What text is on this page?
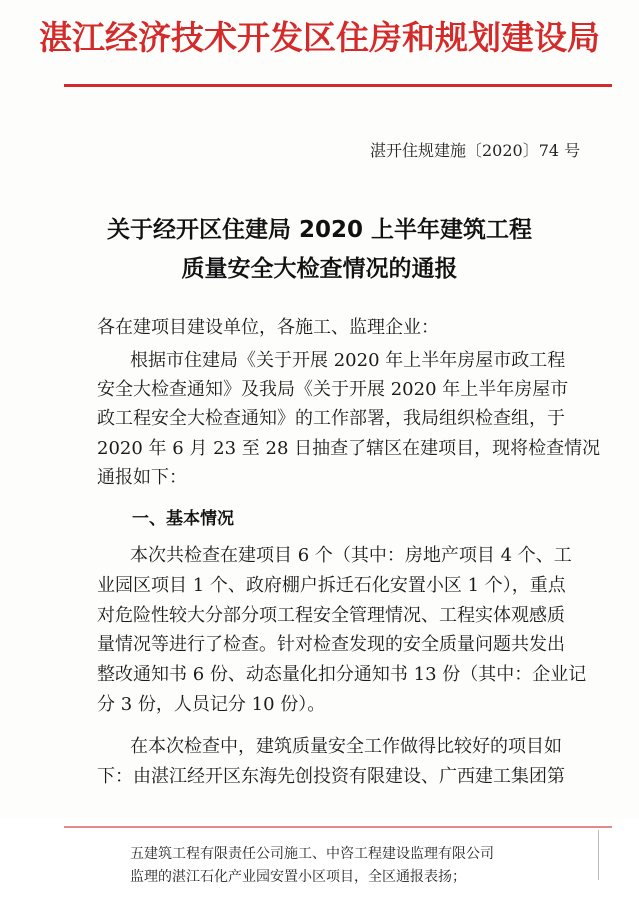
湛江经济技术开发区住房和规划建设局
湛开住规建施〔2020〕74 号
关于经开区住建局 2020 上半年建筑工程
质量安全大检查情况的通报
各在建项目建设单位，各施工、监理企业：
根据市住建局《关于开展 2020 年上半年房屋市政工程
安全大检查通知》及我局《关于开展 2020 年上半年房屋市
政工程安全大检查通知》的工作部署，我局组织检查组，于
2020 年 6 月 23 至 28 日抽查了辖区在建项目，现将检查情况
通报如下：
一、基本情况
本次共检查在建项目 6 个（其中：房地产项目 4 个、工
业园区项目 1 个、政府棚户拆迁石化安置小区 1 个），重点
对危险性较大分部分项工程安全管理情况、工程实体观感质
量情况等进行了检查。针对检查发现的安全质量问题共发出
整改通知书 6 份、动态量化扣分通知书 13 份（其中：企业记
分 3 份，人员记分 10 份）。
在本次检查中，建筑质量安全工作做得比较好的项目如
下：由湛江经开区东海先创投资有限建设、广西建工集团第
五建筑工程有限责任公司施工、中咨工程建设监理有限公司
监理的湛江石化产业园安置小区项目，全区通报表扬；
